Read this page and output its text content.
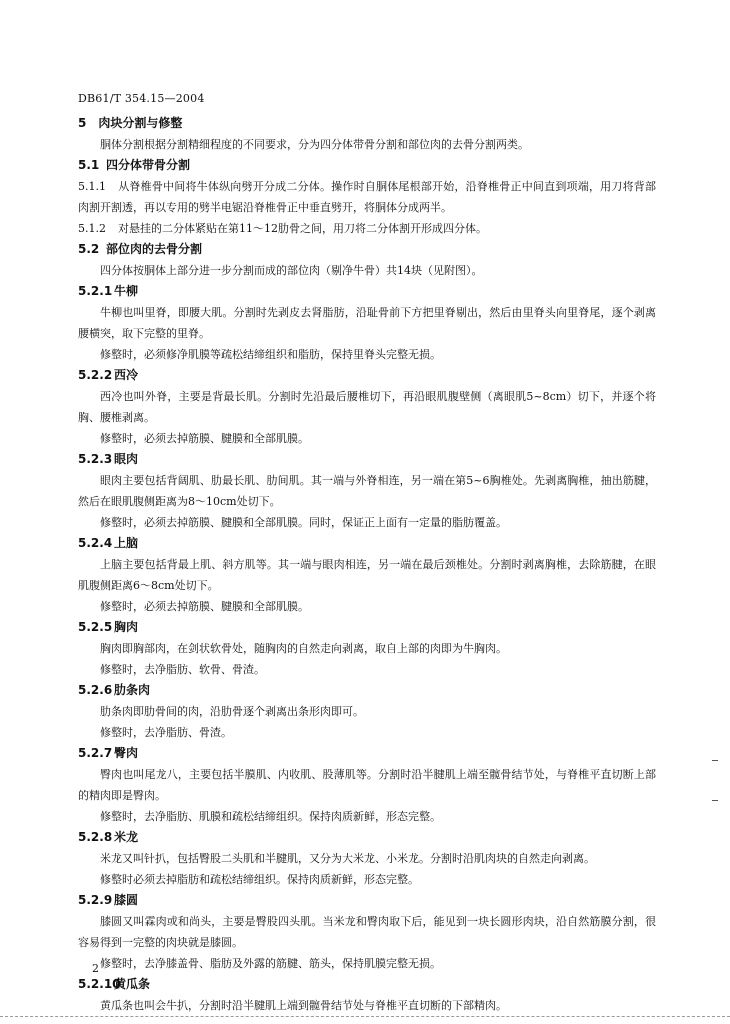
DB61/T 354.15—2004
5　肉块分割与修整
胴体分割根据分割精细程度的不同要求，分为四分体带骨分割和部位肉的去骨分割两类。
5.1 四分体带骨分割
5.1.1 从脊椎骨中间将牛体纵向劈开分成二分体。操作时自胴体尾根部开始，沿脊椎骨正中间直到项端，用刀将背部肉割开割透，再以专用的劈半电锯沿脊椎骨正中垂直劈开，将胴体分成两半。
5.1.2 对悬挂的二分体紧贴在第11～12肋骨之间，用刀将二分体割开形成四分体。
5.2 部位肉的去骨分割
四分体按胴体上部分进一步分割而成的部位肉（剔净牛骨）共14块（见附图）。
5.2.1 牛柳
牛柳也叫里脊，即腰大肌。分割时先剥皮去肾脂肪，沿耻骨前下方把里脊剔出，然后由里脊头向里脊尾，逐个剥离腰横突，取下完整的里脊。
修整时，必须修净肌膜等疏松结缔组织和脂肪，保持里脊头完整无损。
5.2.2 西冷
西冷也叫外脊，主要是背最长肌。分割时先沿最后腰椎切下，再沿眼肌腹壁侧（离眼肌5~8cm）切下，并逐个将胸、腰椎剥离。
修整时，必须去掉筋膜、腱膜和全部肌膜。
5.2.3 眼肉
眼肉主要包括背阔肌、肋最长肌、肋间肌。其一端与外脊相连，另一端在第5~6胸椎处。先剥离胸椎，抽出筋腱，然后在眼肌腹侧距离为8～10cm处切下。
修整时，必须去掉筋膜、腱膜和全部肌膜。同时，保证正上面有一定量的脂肪覆盖。
5.2.4 上脑
上脑主要包括背最上肌、斜方肌等。其一端与眼肉相连，另一端在最后颈椎处。分割时剥离胸椎，去除筋腱，在眼肌腹侧距离6～8cm处切下。
修整时，必须去掉筋膜、腱膜和全部肌膜。
5.2.5 胸肉
胸肉即胸部肉，在剑状软骨处，随胸肉的自然走向剥离，取自上部的肉即为牛胸肉。
修整时，去净脂肪、软骨、骨渣。
5.2.6 肋条肉
肋条肉即肋骨间的肉，沿肋骨逐个剥离出条形肉即可。
修整时，去净脂肪、骨渣。
5.2.7 臀肉
臀肉也叫尾龙八，主要包括半膜肌、内收肌、股薄肌等。分割时沿半腱肌上端至髋骨结节处，与脊椎平直切断上部的精肉即是臀肉。
修整时，去净脂肪、肌膜和疏松结缔组织。保持肉质新鲜，形态完整。
5.2.8 米龙
米龙又叫针扒，包括臀股二头肌和半腱肌，又分为大米龙、小米龙。分割时沿肌肉块的自然走向剥离。
修整时必须去掉脂肪和疏松结缔组织。保持肉质新鲜，形态完整。
5.2.9 膝圆
膝圆又叫霖肉或和尚头，主要是臀股四头肌。当米龙和臀肉取下后，能见到一块长圆形肉块，沿自然筋膜分割，很容易得到一完整的肉块就是膝圆。
修整时，去净膝盖骨、脂肪及外露的筋腱、筋头，保持肌膜完整无损。
5.2.10黄瓜条
黄瓜条也叫会牛扒，分割时沿半腱肌上端到髋骨结节处与脊椎平直切断的下部精肉。
2
